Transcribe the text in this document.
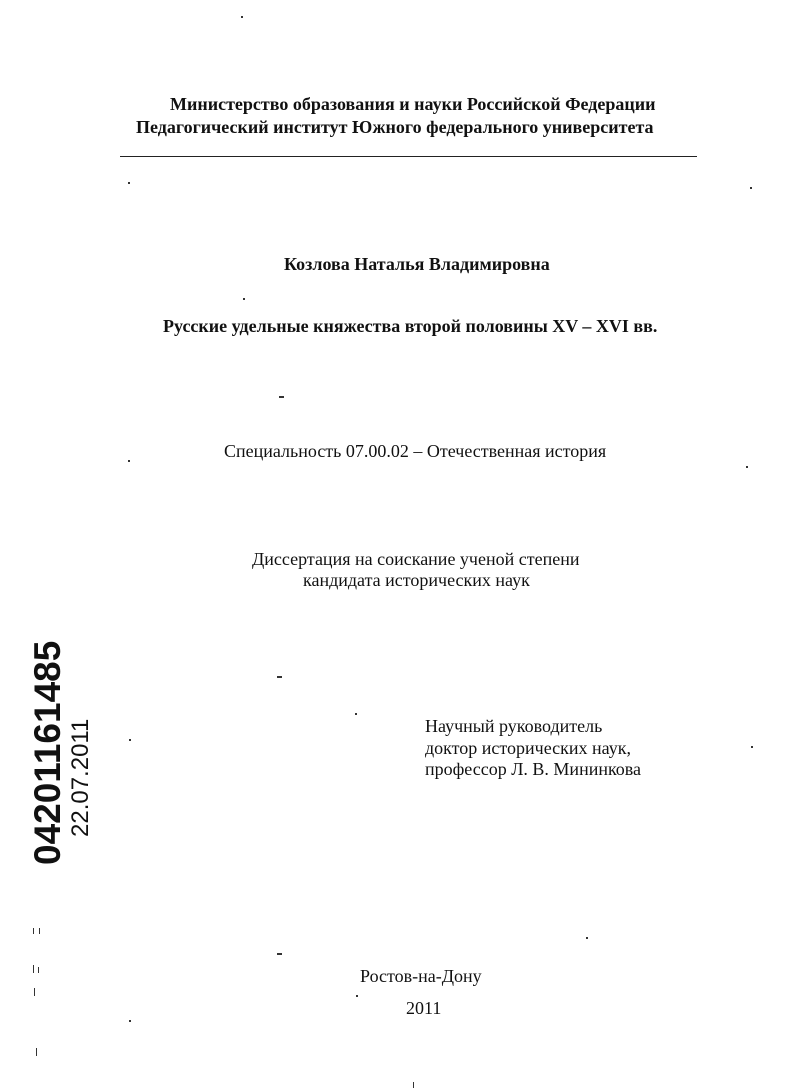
Министерство образования и науки Российской Федерации
Педагогический институт Южного федерального университета
Козлова Наталья Владимировна
Русские удельные княжества второй половины XV – XVI вв.
Специальность 07.00.02 – Отечественная история
Диссертация на соискание ученой степени
кандидата исторических наук
Научный руководитель
доктор исторических наук,
профессор Л. В. Мининкова
Ростов-на-Дону
2011
04201161485 22.07.2011
